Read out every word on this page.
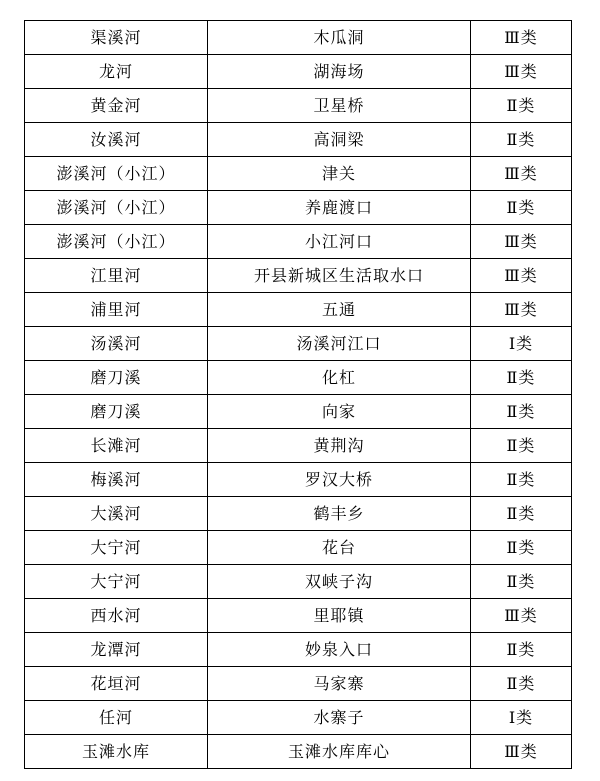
渠溪河	木瓜洞	Ⅲ类
龙河	湖海场	Ⅲ类
黄金河	卫星桥	Ⅱ类
汝溪河	高洞梁	Ⅱ类
澎溪河（小江）	津关	Ⅲ类
澎溪河（小江）	养鹿渡口	Ⅱ类
澎溪河（小江）	小江河口	Ⅲ类
江里河	开县新城区生活取水口	Ⅲ类
浦里河	五通	Ⅲ类
汤溪河	汤溪河江口	Ⅰ类
磨刀溪	化杠	Ⅱ类
磨刀溪	向家	Ⅱ类
长滩河	黄荆沟	Ⅱ类
梅溪河	罗汉大桥	Ⅱ类
大溪河	鹤丰乡	Ⅱ类
大宁河	花台	Ⅱ类
大宁河	双峡子沟	Ⅱ类
西水河	里耶镇	Ⅲ类
龙潭河	妙泉入口	Ⅱ类
花垣河	马家寨	Ⅱ类
任河	水寨子	Ⅰ类
玉滩水库	玉滩水库库心	Ⅲ类
